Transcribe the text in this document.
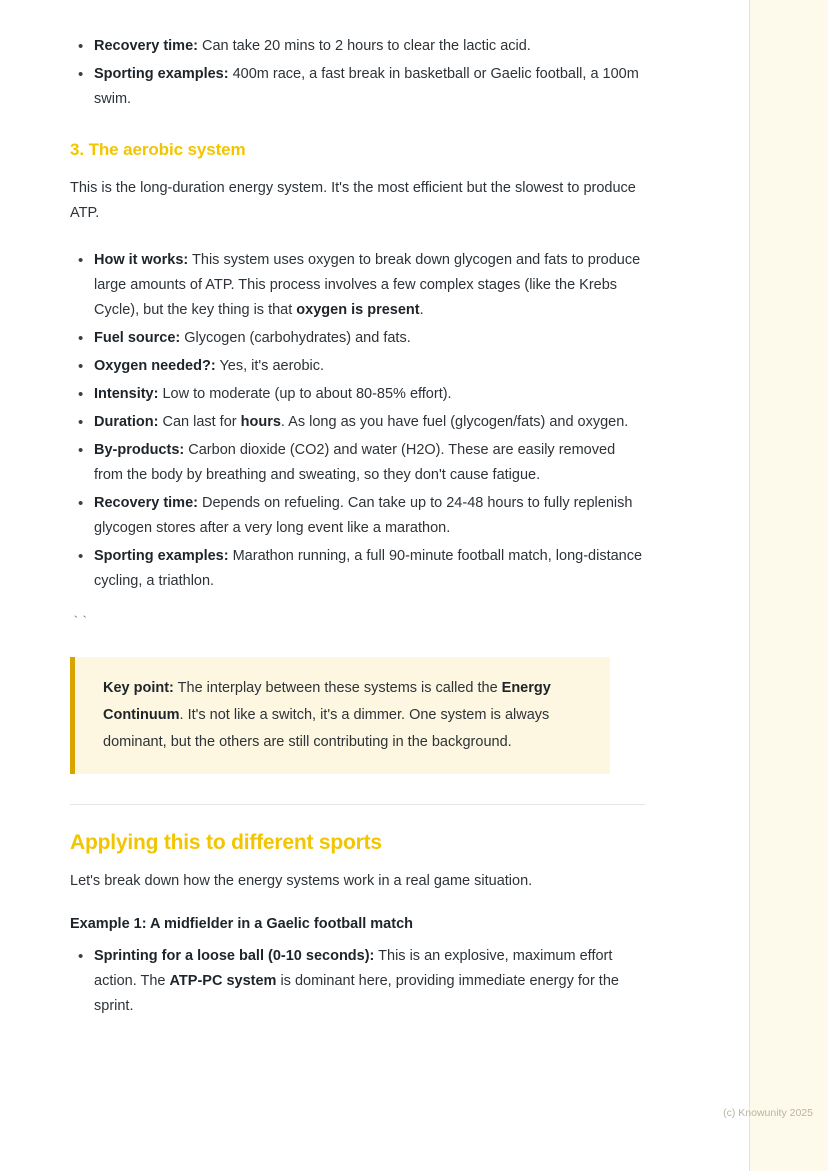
• Recovery time: Can take 20 mins to 2 hours to clear the lactic acid.
• Sporting examples: 400m race, a fast break in basketball or Gaelic football, a 100m swim.
3. The aerobic system

This is the long-duration energy system. It's the most efficient but the slowest to produce ATP.

• How it works: This system uses oxygen to break down glycogen and fats to produce large amounts of ATP. This process involves a few complex stages (like the Krebs Cycle), but the key thing is that oxygen is present.
• Fuel source: Glycogen (carbohydrates) and fats.
• Oxygen needed?: Yes, it's aerobic.
• Intensity: Low to moderate (up to about 80-85% effort).
• Duration: Can last for hours. As long as you have fuel (glycogen/fats) and oxygen.
• By-products: Carbon dioxide (CO2) and water (H2O). These are easily removed from the body by breathing and sweating, so they don't cause fatigue.
• Recovery time: Depends on refueling. Can take up to 24-48 hours to fully replenish glycogen stores after a very long event like a marathon.
• Sporting examples: Marathon running, a full 90-minute football match, long-distance cycling, a triathlon.
``

Key point: The interplay between these systems is called the Energy Continuum. It's not like a switch, it's a dimmer. One system is always dominant, but the others are still contributing in the background.

Applying this to different sports

Let's break down how the energy systems work in a real game situation.

Example 1: A midfielder in a Gaelic football match
• Sprinting for a loose ball (0-10 seconds): This is an explosive, maximum effort action. The ATP-PC system is dominant here, providing immediate energy for the sprint.
(c) Knowunity 2025
